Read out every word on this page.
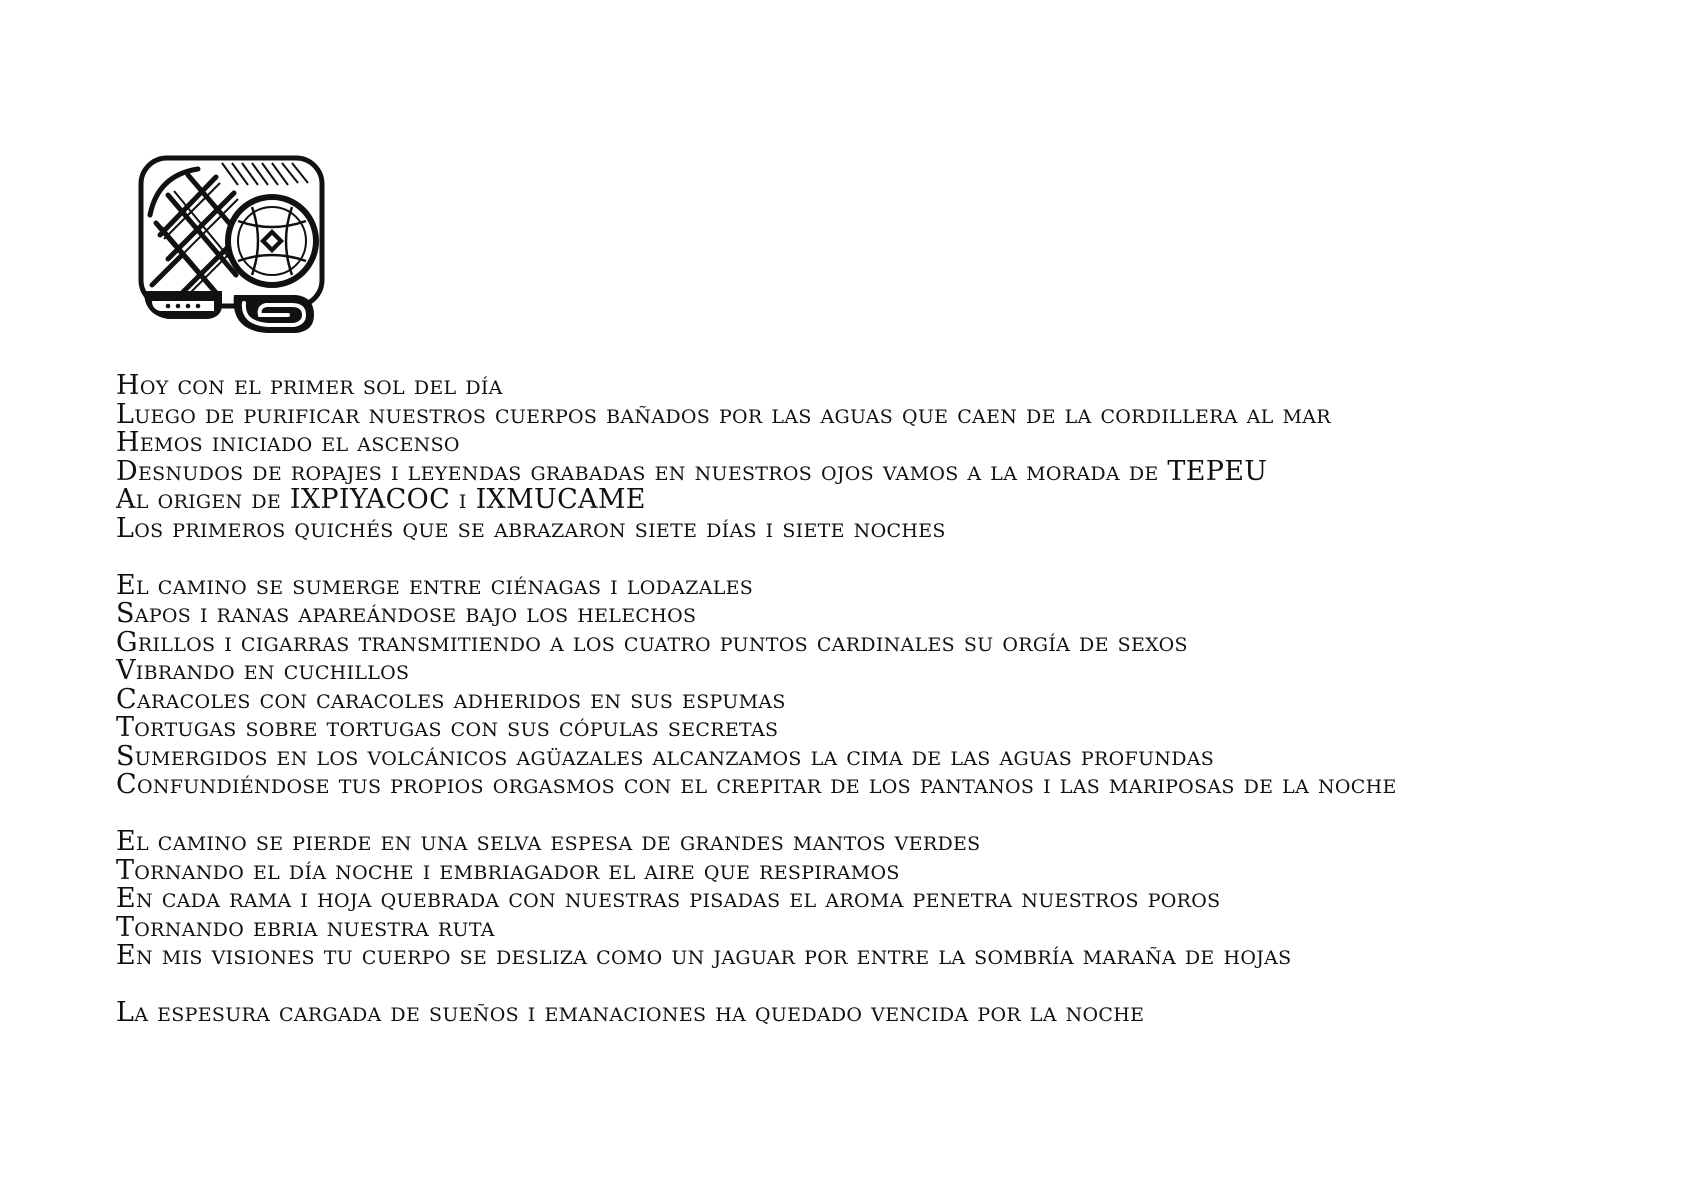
Hoy con el primer sol del día
Luego de purificar nuestros cuerpos bañados por las aguas que caen de la cordillera al mar
Hemos iniciado el ascenso
Desnudos de ropajes i leyendas grabadas en nuestros ojos vamos a la morada de TEPEU
Al origen de IXPIYACOC i IXMUCAME
Los primeros quichés que se abrazaron siete días i siete noches
El camino se sumerge entre ciénagas i lodazales
Sapos i ranas apareándose bajo los helechos
Grillos i cigarras transmitiendo a los cuatro puntos cardinales su orgía de sexos
Vibrando en cuchillos
Caracoles con caracoles adheridos en sus espumas
Tortugas sobre tortugas con sus cópulas secretas
Sumergidos en los volcánicos agüazales alcanzamos la cima de las aguas profundas
Confundiéndose tus propios orgasmos con el crepitar de los pantanos i las mariposas de la noche
El camino se pierde en una selva espesa de grandes mantos verdes
Tornando el día noche i embriagador el aire que respiramos
En cada rama i hoja quebrada con nuestras pisadas el aroma penetra nuestros poros
Tornando ebria nuestra ruta
En mis visiones tu cuerpo se desliza como un jaguar por entre la sombría maraña de hojas
La espesura cargada de sueños i emanaciones ha quedado vencida por la noche
